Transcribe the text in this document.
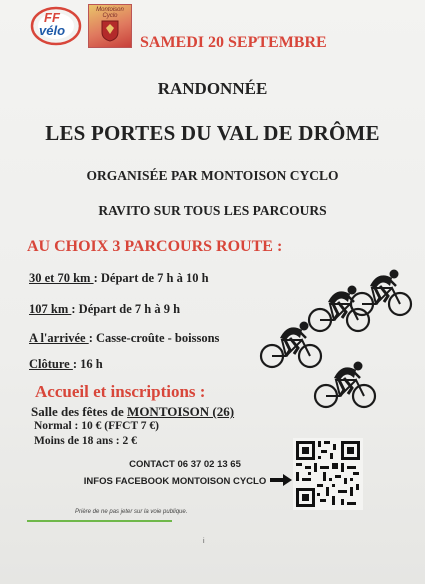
FF
vélo
Montoison Cyclo
SAMEDI 20 SEPTEMBRE
RANDONNÉE
LES PORTES DU VAL DE DRÔME
ORGANISÉE PAR MONTOISON CYCLO
RAVITO SUR TOUS LES PARCOURS
AU CHOIX 3 PARCOURS ROUTE :
30 et 70 km : Départ de 7 h à 10 h
107 km : Départ de 7 h à 9 h
A l'arrivée : Casse-croûte - boissons
Clôture : 16 h
Accueil et inscriptions :
Salle des fêtes de MONTOISON (26)
Normal : 10 € (FFCT 7 €)
Moins de 18 ans : 2 €
CONTACT 06 37 02 13 65
INFOS FACEBOOK MONTOISON CYCLO
Prière de ne pas jeter sur la voie publique.
i
